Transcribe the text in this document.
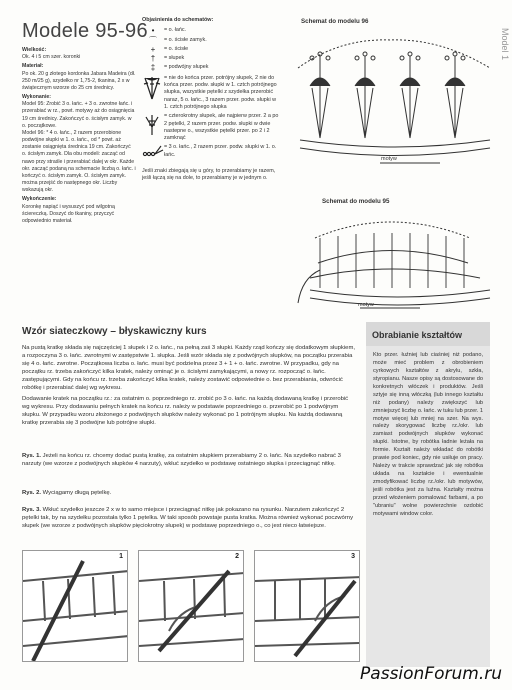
Modele 95-96

Wielkość:

Ok. 4 i 5 cm szer. koronki

Materiał:

Po ok. 20 g złotego kordonka Jabara Madeira (dł. 250 m/25 g), szydełko nr 1,75-2, tkanina, 2 x w świątecznym wzorze do 25 cm średnicy.

Wykonanie:

Model 95: Zrobić 3 o. łańc. + 3 o. zwrotne łańc. i przerabiać w rz., powt. motywy aż do osiągnięcia 19 cm średnicy. Zakończyć o. ścisłym zamyk. w o. początkowe.

Model 96: * 4 o. łańc., 2 razem przerobione podwójne słupki w 1. o. łańc., od * powt. aż zostanie osiągnięta średnica 19 cm. Zakończyć o. ścisłym zamyk. Dla obu modeli: zacząć od nawo przy straśle i przerabiać dalej w okr. Każde okr. zacząć podaną na schemacie liczbą o. łańc. i kończyć o. ścisłym zamyk. O. ścisłym zamyk. można przejść do następnego okr. Liczby wskazują okr.

Wykończenie:

Koronkę napiąć i wysuszyć pod wilgotną ściereczką. Doszyć do tkaniny, przyczyć odpowiednio materiał.

Objaśnienia do schematów:
•	= o. łańc.
⌒	= o. ścisłe zamyk.
+	= o. ścisłe
†	= słupek
‡	= podwójny słupek
= nie do końca przer. potrójny słupek, 2 nie do końca przer. podw. słupki w 1. cztch potrójnego słupka, wszystkie pętelki z szydełka przerobić naraz, 5 o. łańc., 3 razem przer. podw. słupki w 1. cztch potrójnego słupka
= czterokrotny słupek, ale najpierw przer. 2 a po 2 pętelki, 2 razem przer. podw. słupki w dwie nastepne o., wszystkie pętelki przer. po 2 i 2 zamknąć
= 3 o. łańc., 2 razem przer. podw. słupki w 1. o. łańc.
Jeśli znaki zbiegają się u góry, to przerabiamy je razem, jeśli łączą się na dole, to przerabiamy je w jednym o.
Schemat do modelu 96
motyw
Schemat do modelu 95
motyw
Wzór siateczkowy – błyskawiczny kurs

Na pustą kratkę składa się najczęściej 1 słupek i 2 o. łańc., na pełną zaś 3 słupki. Każdy rząd kończy się dodatkowym słupkiem, a rozpoczyna 3 o. łańc. zwrotnymi w zastępstwie 1. słupka. Jeśli wzór składa się z podwójnych słupków, na początku przerabia się 4 o. łańc. zwrotne. Początkowa liczba o. łańc. musi być podzielna przez 3 + 1 + o. łańc. zwrotne. W przypadku, gdy na początku rz. trzeba zakończyć kilka kratek, należy ominąć je o. ścisłymi zamykającymi, a nowy rz. rozpocząć o. łańc. zastępującymi. Gdy na końcu rz. trzeba zakończyć kilka kratek, należy zostawić odpowiednie o. bez przerabiania, odwrócić robótkę i przerabiać dalej wg wykresu.

Dodawanie kratek na początku rz.: za ostatnim o. poprzedniego rz. zrobić po 3 o. łańc. na każdą dodawaną kratkę i przerobić wg wykresu. Przy dodawaniu pełnych kratek na końcu rz. należy w podstawie poprzedniego o. przerobić po 1 podwójnym słupku. W przypadku wzoru złożonego z podwójnych słupków należy wykonać po 1 potrójnym słupku. Na każdą dodawaną kratkę przerabia się 3 podwójne lub potrójne słupki.

Rys. 1. Jeżeli na końcu rz. chcemy dodać pustą kratkę, za ostatnim słupkiem przerabiamy 2 o. łańc. Na szydełko nabrać 3 narzuty (we wzorze z podwójnych słupków 4 narzuty), wkłuć szydełko w podstawę ostatniego słupka i przeciągnąć nitkę.
Rys. 2. Wyciągamy długą pętelkę.
Rys. 3. Wkłuć szydełko jeszcze 2 x w to samo miejsce i przeciągnąć nitkę jak pokazano na rysunku. Narzutem zakończyć 2 pętelki tak, by na szydełku pozostała tylko 1 pętelka. W taki sposób powstaje pusta kratka. Można również wykonać poczwórny słupek (we wzorze z podwójnych słupków pięciokrotny słupek) w podstawę poprzedniego o., co jest nieco łatwiejsze.
1	2	3
Obrabianie kształtów
Kto przer. łuźniej lub ciaśniej niż podano, może mieć problem z obrobieniem cyrkowych kształtów z akrylu, szkła, styropianu. Nasze opisy są dostosowane do konkretnych włóczek i produktów. Jeśli sztyje się inną włóczką (lub innego kształtu niż podany) należy zwiększyć lub zmniejszyć liczbę o. łańc. w tuku lub przer. 1 motyw więcej lub mniej na szer. Na wys. należy skorygować liczbę rz./okr. lub zamiast podwójnych słupków wykonać słupki. Istotne, by robótka ładnie leżała na formie. Kształt należy wkładać do robótki prawie pod koniec, gdy nie usiłuje on pracy. Należy w trakcie sprawdzać jak się robótka układa na kształcie i ewentualnie zmodyfikować liczbę rz./okr. lub motywów, jeśli robótka jest za luźna. Kształty można przed włożeniem pomalować farbami, a po "ubraniu" wolne powierzchnie ozdobić motywami window color.
Model 1
PassionForum.ru
